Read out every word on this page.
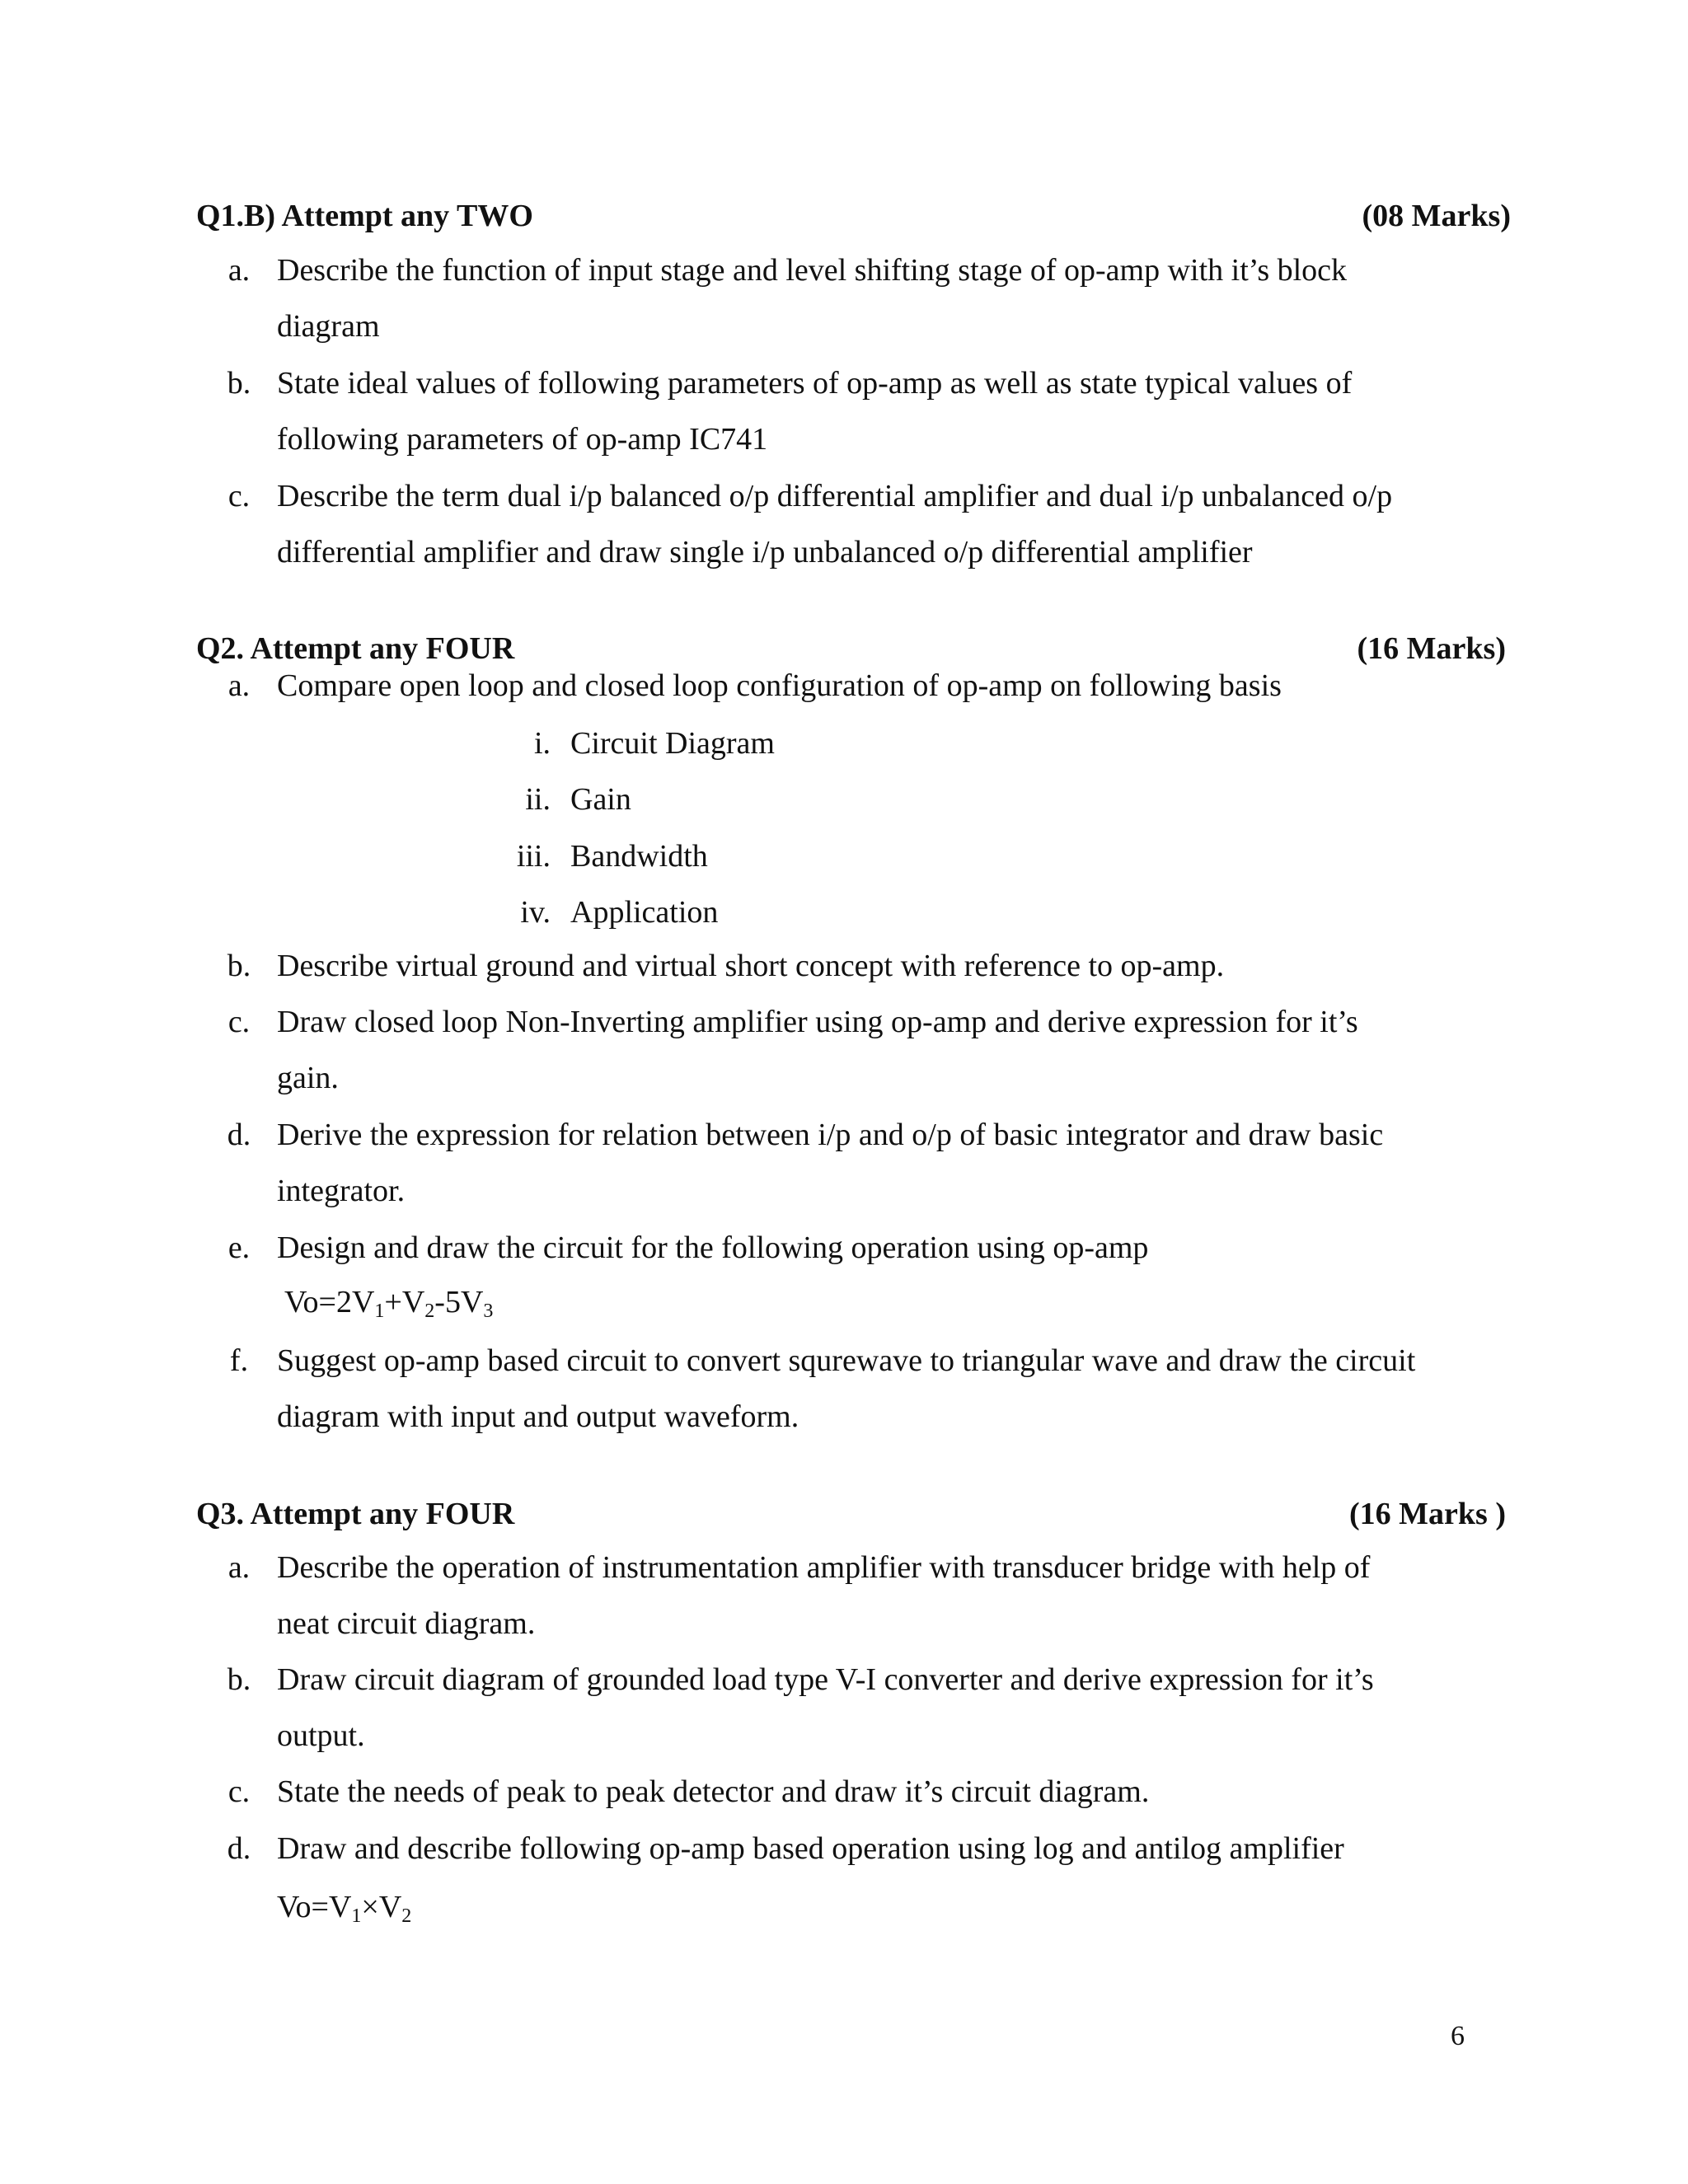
Q1.B) Attempt any TWO	(08 Marks)
a. Describe the function of input stage and level shifting stage of op-amp with it’s block diagram
b. State ideal values of following parameters of op-amp as well as state typical values of following parameters of op-amp IC741
c. Describe the term dual i/p balanced o/p differential amplifier and dual i/p unbalanced o/p differential amplifier and draw single i/p unbalanced o/p differential amplifier
Q2. Attempt any FOUR	(16 Marks)
a. Compare open loop and closed loop configuration of op-amp on following basis
i. Circuit Diagram
ii. Gain
iii. Bandwidth
iv. Application
b. Describe virtual ground and virtual short concept with reference to op-amp.
c. Draw closed loop Non-Inverting amplifier using op-amp and derive expression for it’s gain.
d. Derive the expression for relation between i/p and o/p of basic integrator and draw basic integrator.
e. Design and draw the circuit for the following operation using op-amp
$Vo=2V_1+V_2-5V_3$
f. Suggest op-amp based circuit to convert squrewave to triangular wave and draw the circuit diagram with input and output waveform.
Q3. Attempt any FOUR	(16 Marks )
a. Describe the operation of instrumentation amplifier with transducer bridge with help of neat circuit diagram.
b. Draw circuit diagram of grounded load type V-I converter and derive expression for it’s output.
c. State the needs of peak to peak detector and draw it’s circuit diagram.
d. Draw and describe following op-amp based operation using log and antilog amplifier
$Vo=V_1\times V_2$
6
